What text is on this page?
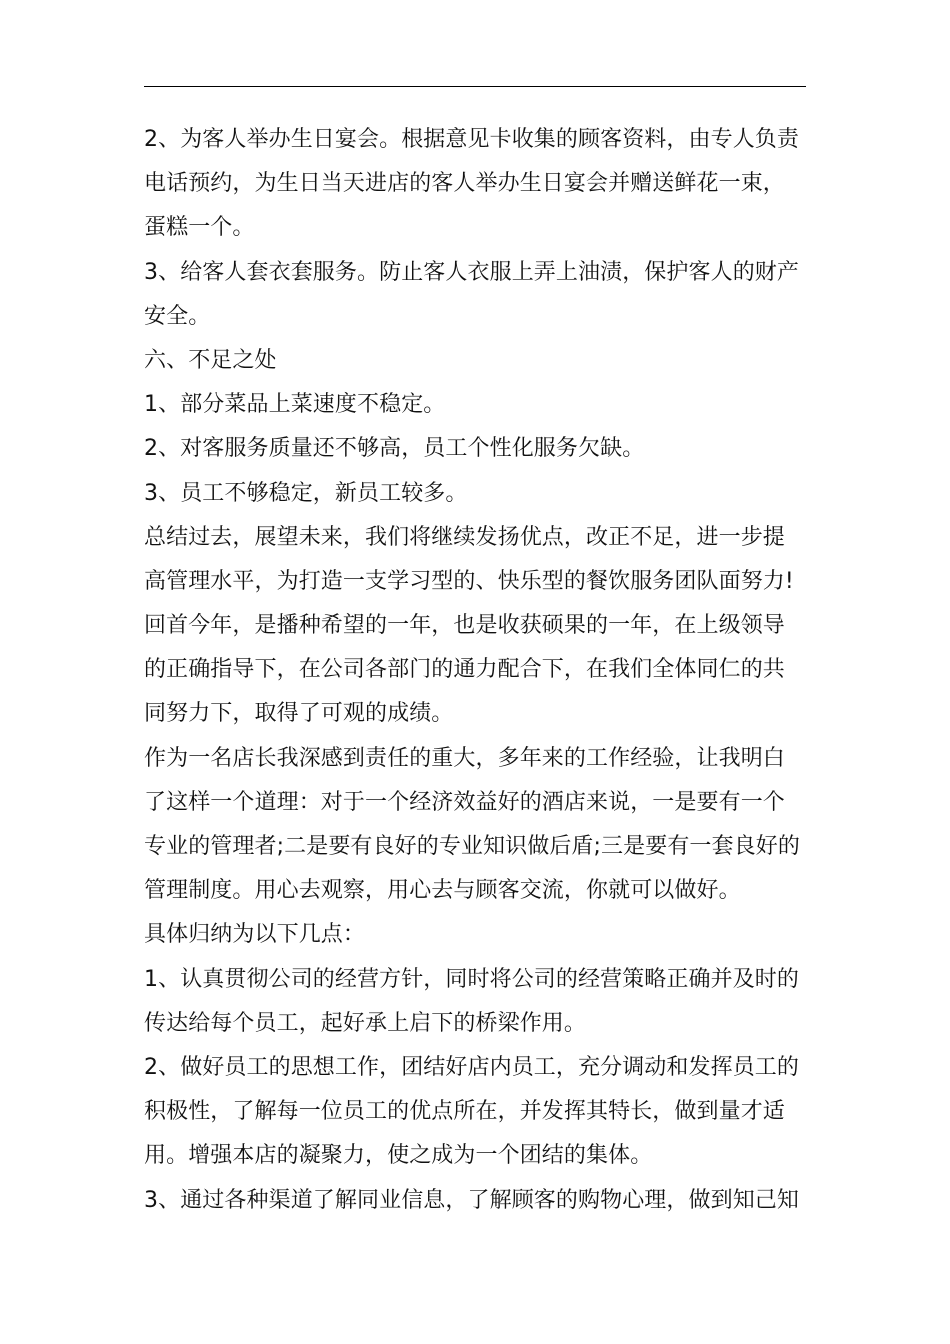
2、为客人举办生日宴会。根据意见卡收集的顾客资料，由专人负责
电话预约，为生日当天进店的客人举办生日宴会并赠送鲜花一束，
蛋糕一个。
3、给客人套衣套服务。防止客人衣服上弄上油渍，保护客人的财产
安全。
六、不足之处
1、部分菜品上菜速度不稳定。
2、对客服务质量还不够高，员工个性化服务欠缺。
3、员工不够稳定，新员工较多。
总结过去，展望未来，我们将继续发扬优点，改正不足，进一步提
高管理水平，为打造一支学习型的、快乐型的餐饮服务团队面努力!
回首今年，是播种希望的一年，也是收获硕果的一年，在上级领导
的正确指导下，在公司各部门的通力配合下，在我们全体同仁的共
同努力下，取得了可观的成绩。
作为一名店长我深感到责任的重大，多年来的工作经验，让我明白
了这样一个道理：对于一个经济效益好的酒店来说，一是要有一个
专业的管理者;二是要有良好的专业知识做后盾;三是要有一套良好的
管理制度。用心去观察，用心去与顾客交流，你就可以做好。
具体归纳为以下几点：
1、认真贯彻公司的经营方针，同时将公司的经营策略正确并及时的
传达给每个员工，起好承上启下的桥梁作用。
2、做好员工的思想工作，团结好店内员工，充分调动和发挥员工的
积极性，了解每一位员工的优点所在，并发挥其特长，做到量才适
用。增强本店的凝聚力，使之成为一个团结的集体。
3、通过各种渠道了解同业信息，了解顾客的购物心理，做到知己知
